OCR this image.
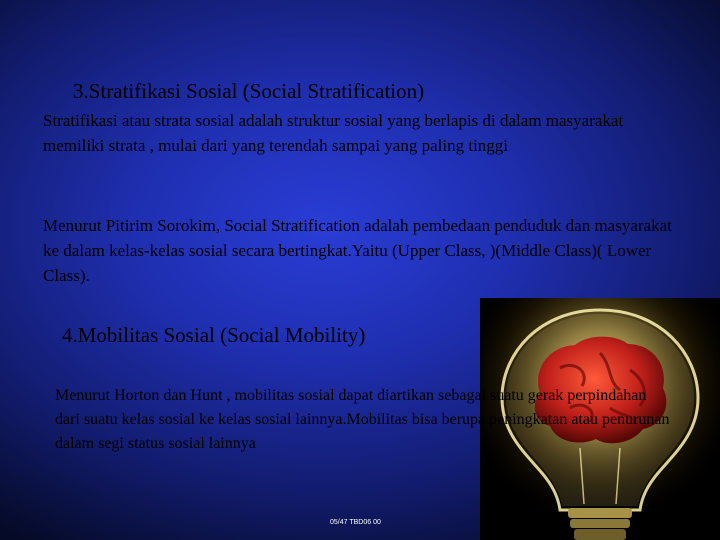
3.Stratifikasi Sosial (Social Stratification)

Stratifikasi atau strata sosial adalah struktur sosial yang berlapis di dalam masyarakat memiliki strata , mulai dari yang terendah sampai yang paling tinggi

Menurut Pitirim Sorokim, Social Stratification adalah pembedaan penduduk dan masyarakat ke dalam kelas-kelas sosial secara bertingkat.Yaitu (Upper Class, )(Middle Class)( Lower Class).

4.Mobilitas Sosial (Social Mobility)

Menurut Horton dan Hunt , mobilitas sosial dapat diartikan sebagai suatu gerak perpindahan dari suatu kelas sosial ke kelas sosial lainnya.Mobilitas bisa berupa peningkatan atau penurunan dalam segi status sosial lainnya

05/47 TBD06 00
